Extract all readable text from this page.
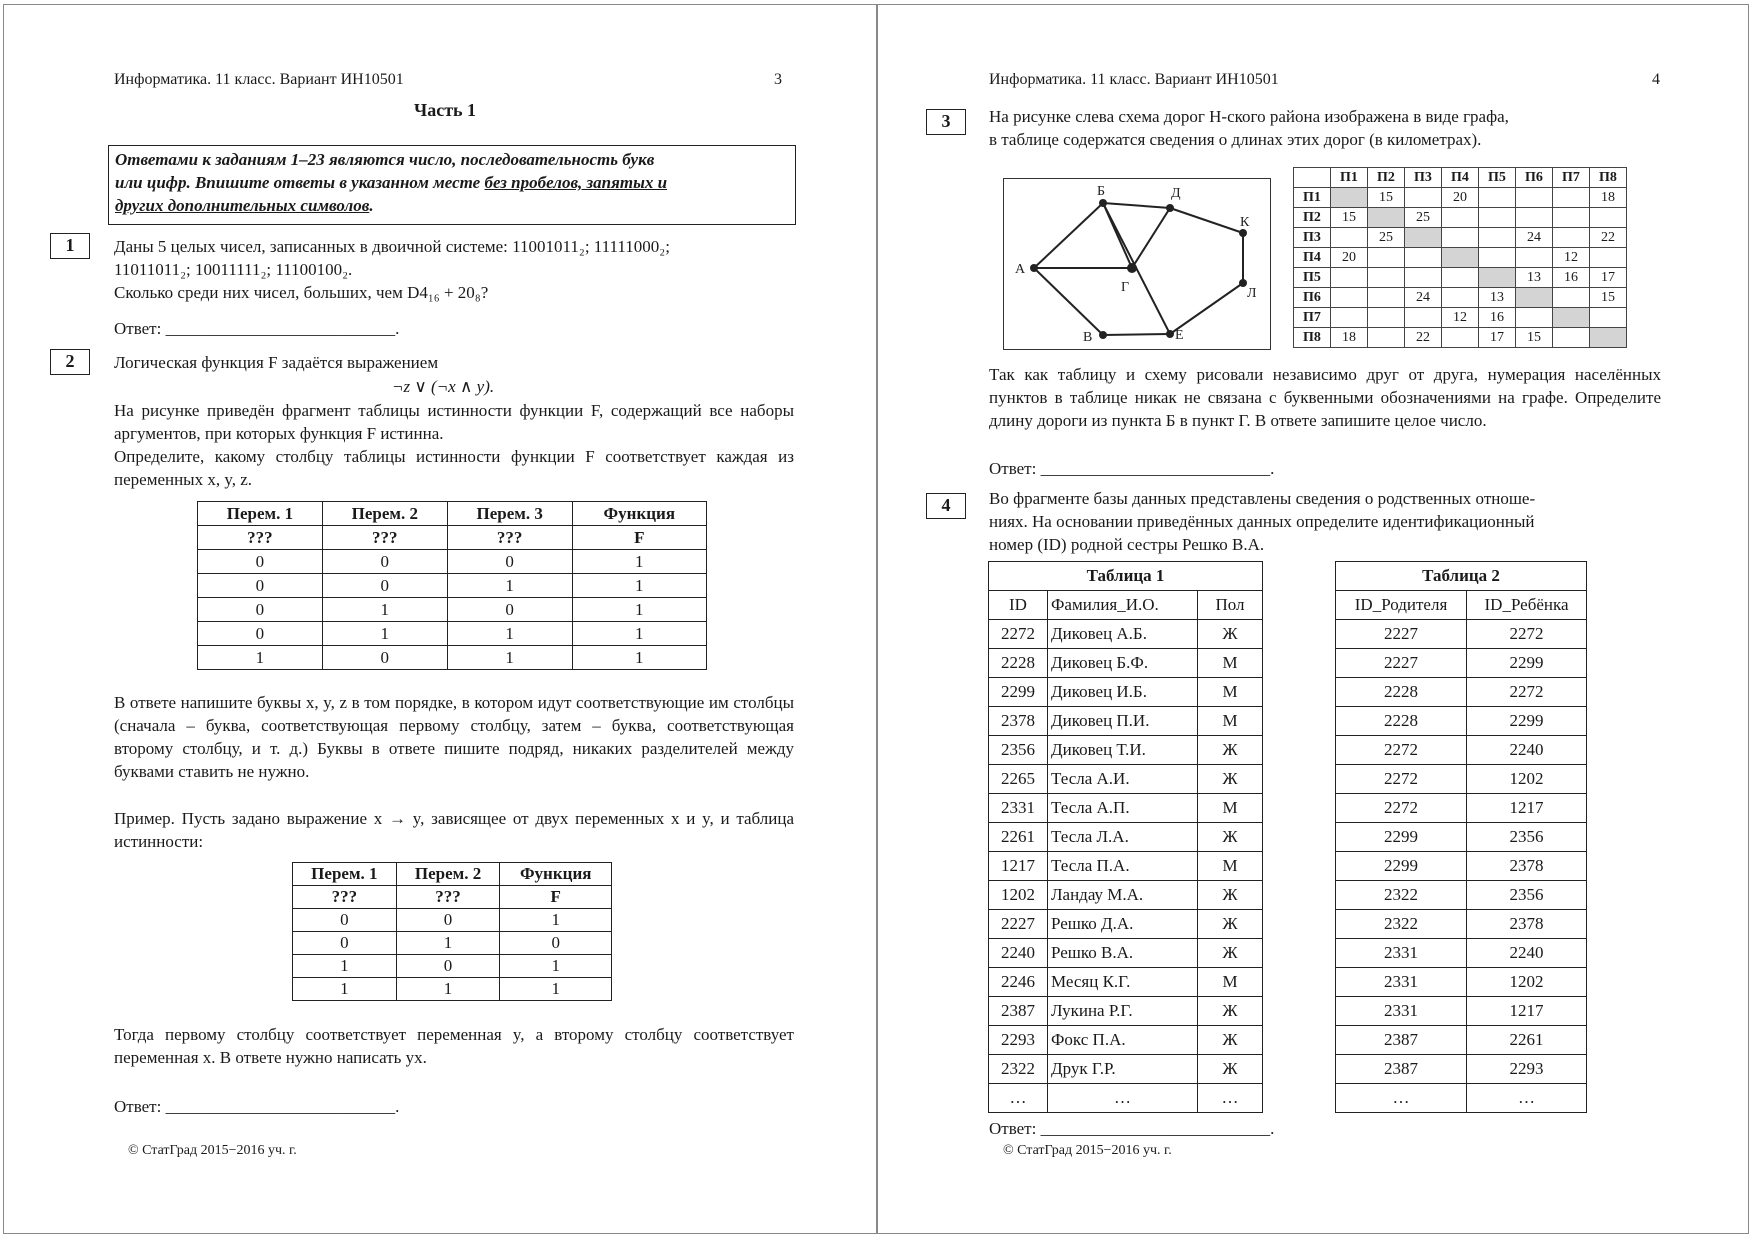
Информатика. 11 класс. Вариант ИН10501	3
Часть 1
Ответами к заданиям 1–23 являются число, последовательность букв
или цифр. Впишите ответы в указанном месте без пробелов, запятых и
других дополнительных символов.
1	Даны 5 целых чисел, записанных в двоичной системе: 11001011₂; 11111000₂;
11011011₂; 10011111₂; 11100100₂.
Сколько среди них чисел, больших, чем D4₁₆ + 20₈?
Ответ: ___________________________.
2	Логическая функция F задаётся выражением
¬z ∨ (¬x ∧ y).
На рисунке приведён фрагмент таблицы истинности функции F, содержащий все наборы аргументов, при которых функция F истинна.
Определите, какому столбцу таблицы истинности функции F соответствует каждая из переменных x, y, z.
Перем. 1	Перем. 2	Перем. 3	Функция
???	???	???	F
0	0	0	1
0	0	1	1
0	1	0	1
0	1	1	1
1	0	1	1
В ответе напишите буквы x, y, z в том порядке, в котором идут соответствующие им столбцы (сначала – буква, соответствующая первому столбцу, затем – буква, соответствующая второму столбцу, и т. д.) Буквы в ответе пишите подряд, никаких разделителей между буквами ставить не нужно.
Пример. Пусть задано выражение x → y, зависящее от двух переменных x и y, и таблица истинности:
Перем. 1	Перем. 2	Функция
???	???	F
0	0	1
0	1	0
1	0	1
1	1	1
Тогда первому столбцу соответствует переменная y, а второму столбцу соответствует переменная x. В ответе нужно написать yx.
Ответ: ___________________________.
© СтатГрад 2015−2016 уч. г.
Информатика. 11 класс. Вариант ИН10501	4
3	На рисунке слева схема дорог Н-ского района изображена в виде графа,
в таблице содержатся сведения о длинах этих дорог (в километрах).
А
Б
В
Г
Д
Е
К
Л
	П1	П2	П3	П4	П5	П6	П7	П8
П1		15		20				18
П2	15		25					
П3		25				24		22
П4	20						12	
П5						13	16	17
П6			24		13			15
П7				12	16			
П8	18		22		17	15		
Так как таблицу и схему рисовали независимо друг от друга, нумерация населённых пунктов в таблице никак не связана с буквенными обозначениями на графе. Определите длину дороги из пункта Б в пункт Г. В ответе запишите целое число.
Ответ: ___________________________.
4	Во фрагменте базы данных представлены сведения о родственных отноше-
ниях. На основании приведённых данных определите идентификационный
номер (ID) родной сестры Решко В.А.
Таблица 1		
ID	Фамилия_И.О.	Пол
2272	Диковец А.Б.	Ж
2228	Диковец Б.Ф.	М
2299	Диковец И.Б.	М
2378	Диковец П.И.	М
2356	Диковец Т.И.	Ж
2265	Тесла А.И.	Ж
2331	Тесла А.П.	М
2261	Тесла Л.А.	Ж
1217	Тесла П.А.	М
1202	Ландау М.А.	Ж
2227	Решко Д.А.	Ж
2240	Решко В.А.	Ж
2246	Месяц К.Г.	М
2387	Лукина Р.Г.	Ж
2293	Фокс П.А.	Ж
2322	Друк Г.Р.	Ж
…	…	…
Таблица 2	
ID_Родителя	ID_Ребёнка
2227	2272
2227	2299
2228	2272
2228	2299
2272	2240
2272	1202
2272	1217
2299	2356
2299	2378
2322	2356
2322	2378
2331	2240
2331	1202
2331	1217
2387	2261
2387	2293
…	…
Ответ: ___________________________.
© СтатГрад 2015−2016 уч. г.
